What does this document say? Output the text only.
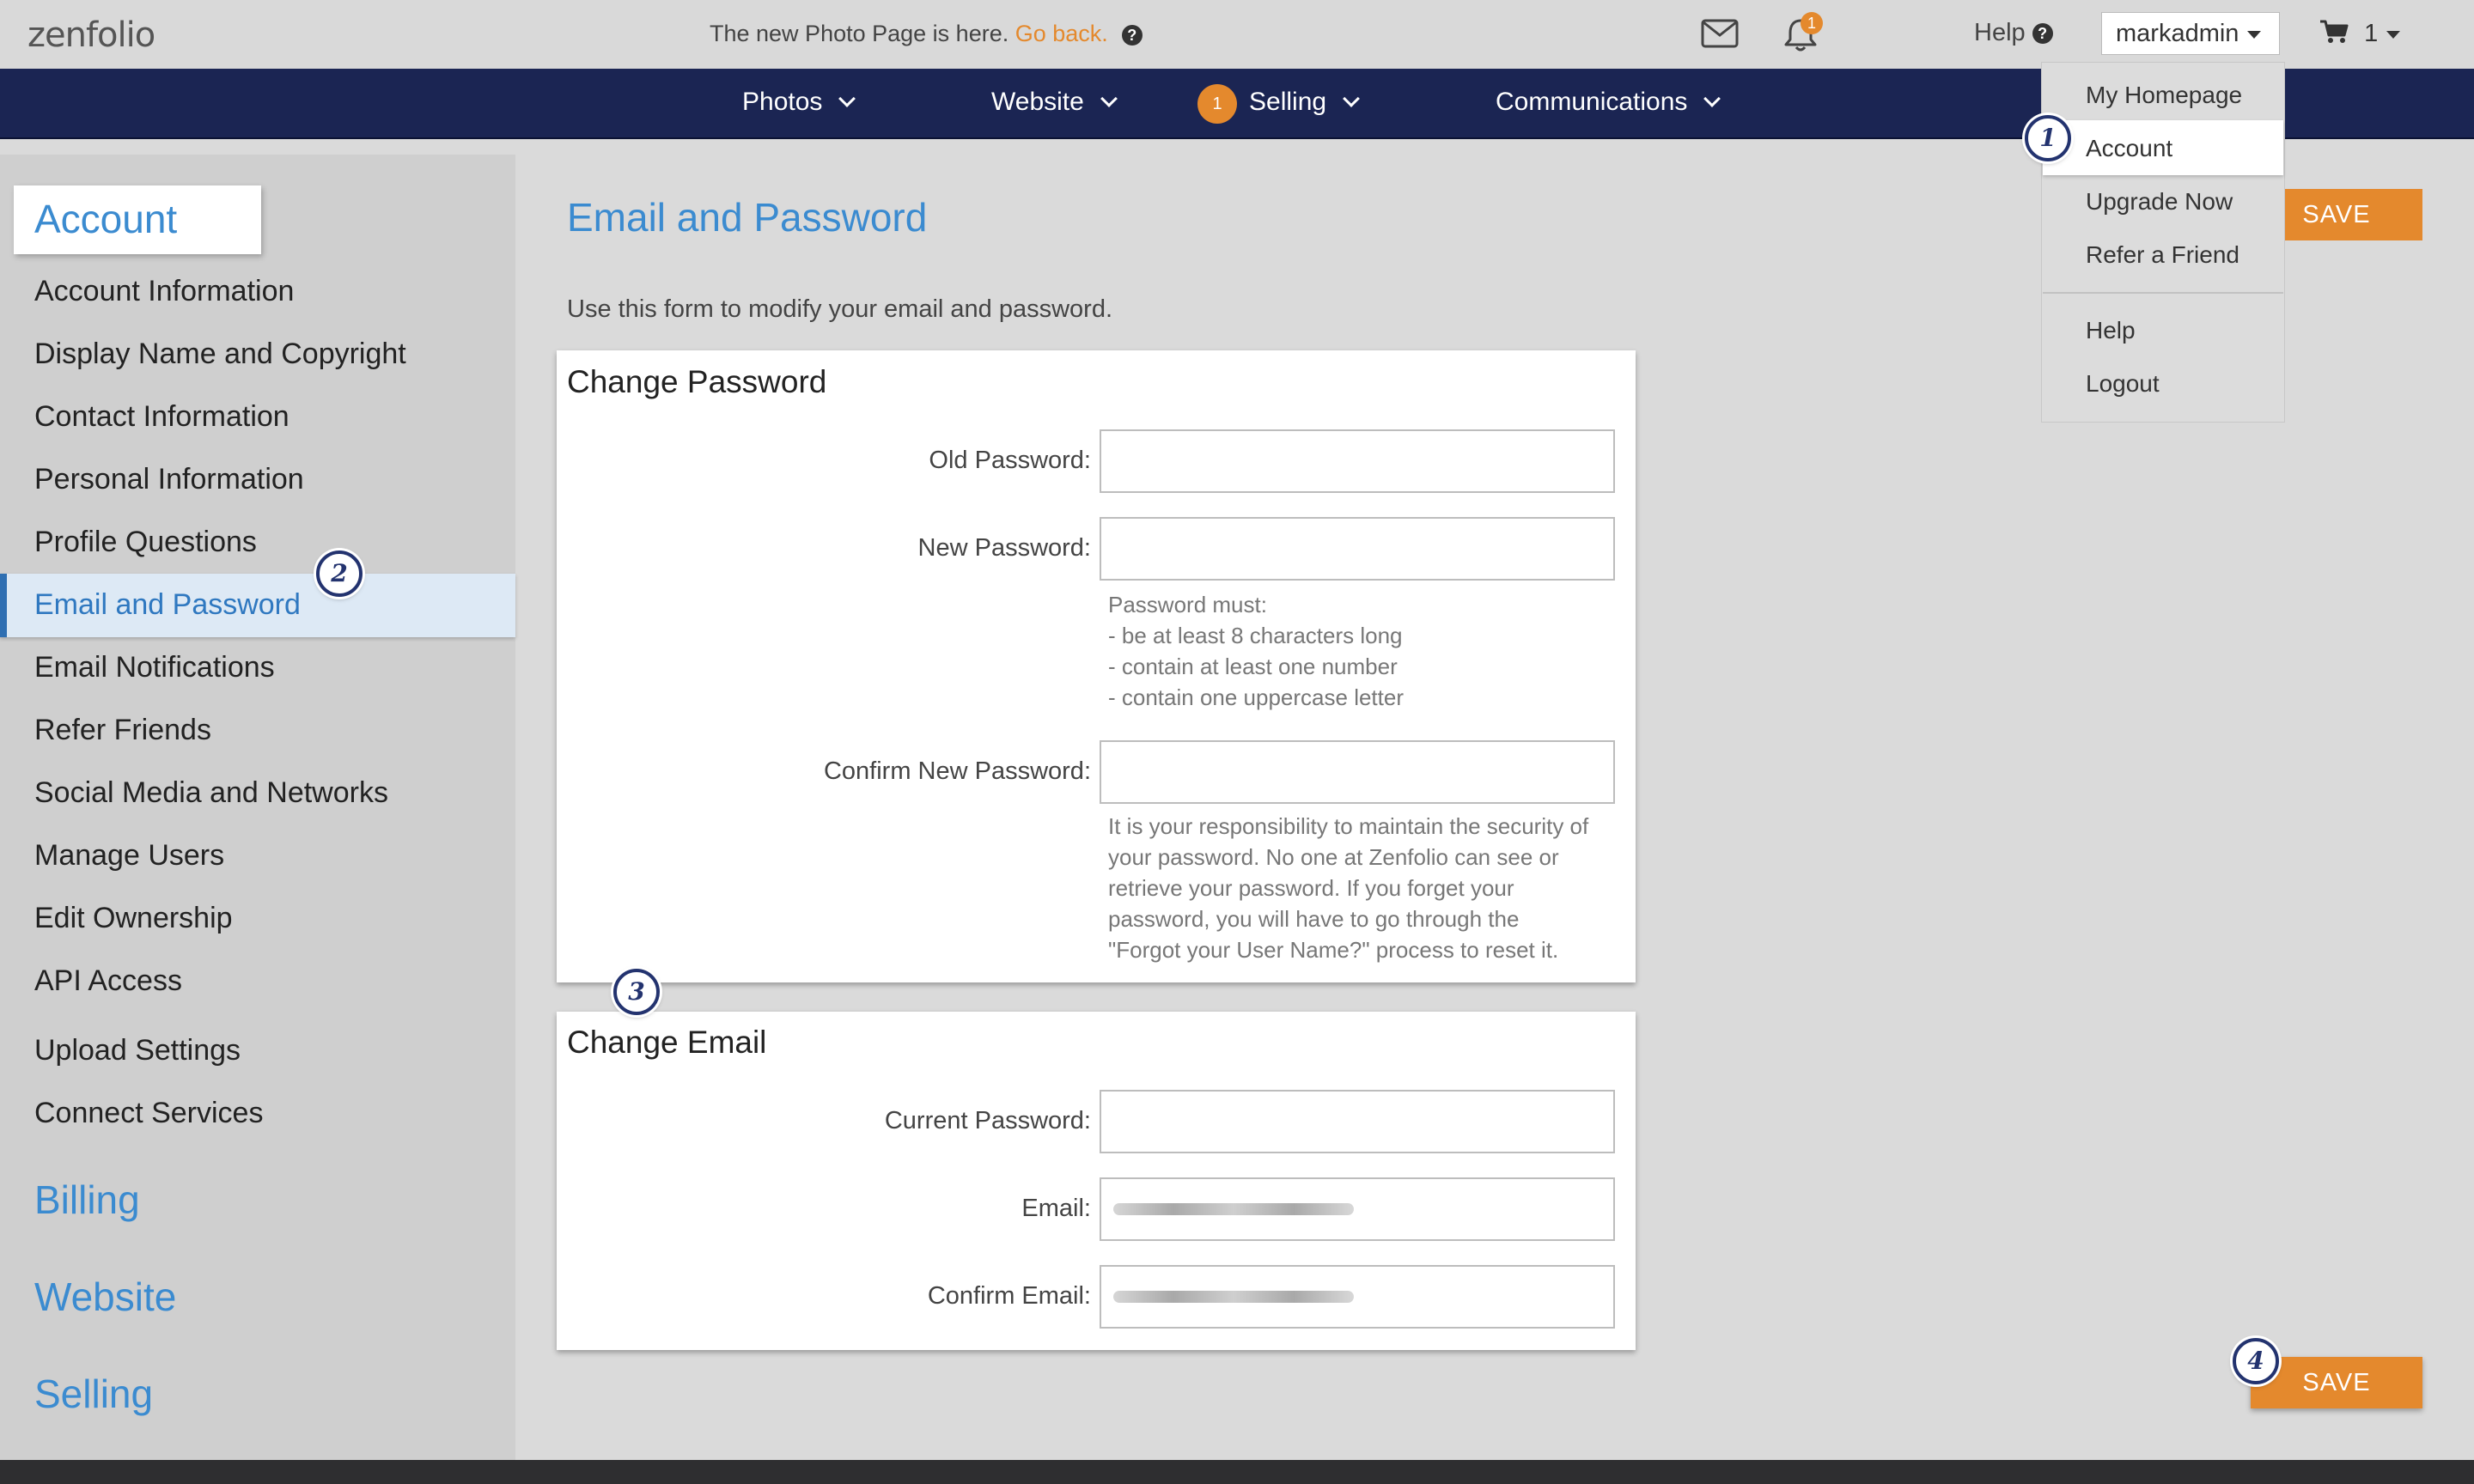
zenfolio	The new Photo Page is here. Go back. ?
1	Help ?	markadmin	1
Photos	Website	1	Selling	Communications
Account
Account Information
Display Name and Copyright
Contact Information
Personal Information
Profile Questions
Email and Password
Email Notifications
Refer Friends
Social Media and Networks
Manage Users
Edit Ownership
API Access
Upload Settings
Connect Services
Billing
Website
Selling
Email and Password
Use this form to modify your email and password.
Change Password
Old Password:
New Password:
Password must:
- be at least 8 characters long
- contain at least one number
- contain one uppercase letter
Confirm New Password:
It is your responsibility to maintain the security of
your password. No one at Zenfolio can see or
retrieve your password. If you forget your
password, you will have to go through the
"Forgot your User Name?" process to reset it.
Change Email
Current Password:
Email:
Confirm Email:
SAVE
SAVE
My Homepage
Account
Upgrade Now
Refer a Friend
Help
Logout
1
2
3
4
